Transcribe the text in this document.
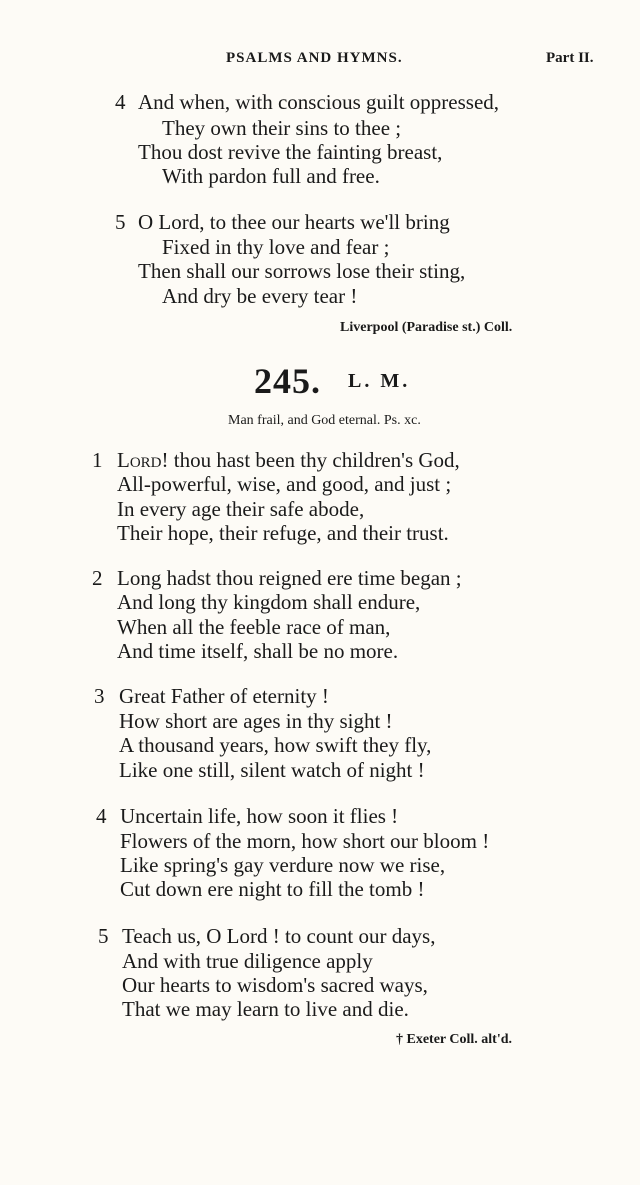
PSALMS AND HYMNS.	Part II.
4 And when, with conscious guilt oppressed,
They own their sins to thee ;
Thou dost revive the fainting breast,
With pardon full and free.
5 O Lord, to thee our hearts we'll bring
Fixed in thy love and fear ;
Then shall our sorrows lose their sting,
And dry be every tear !
Liverpool (Paradise st.) Coll.
245. L. M.
Man frail, and God eternal. Ps. xc.
1 Lord! thou hast been thy children's God,
All-powerful, wise, and good, and just ;
In every age their safe abode,
Their hope, their refuge, and their trust.
2 Long hadst thou reigned ere time began ;
And long thy kingdom shall endure,
When all the feeble race of man,
And time itself, shall be no more.
3 Great Father of eternity !
How short are ages in thy sight !
A thousand years, how swift they fly,
Like one still, silent watch of night !
4 Uncertain life, how soon it flies !
Flowers of the morn, how short our bloom !
Like spring's gay verdure now we rise,
Cut down ere night to fill the tomb !
5 Teach us, O Lord ! to count our days,
And with true diligence apply
Our hearts to wisdom's sacred ways,
That we may learn to live and die.
† Exeter Coll. alt'd.
